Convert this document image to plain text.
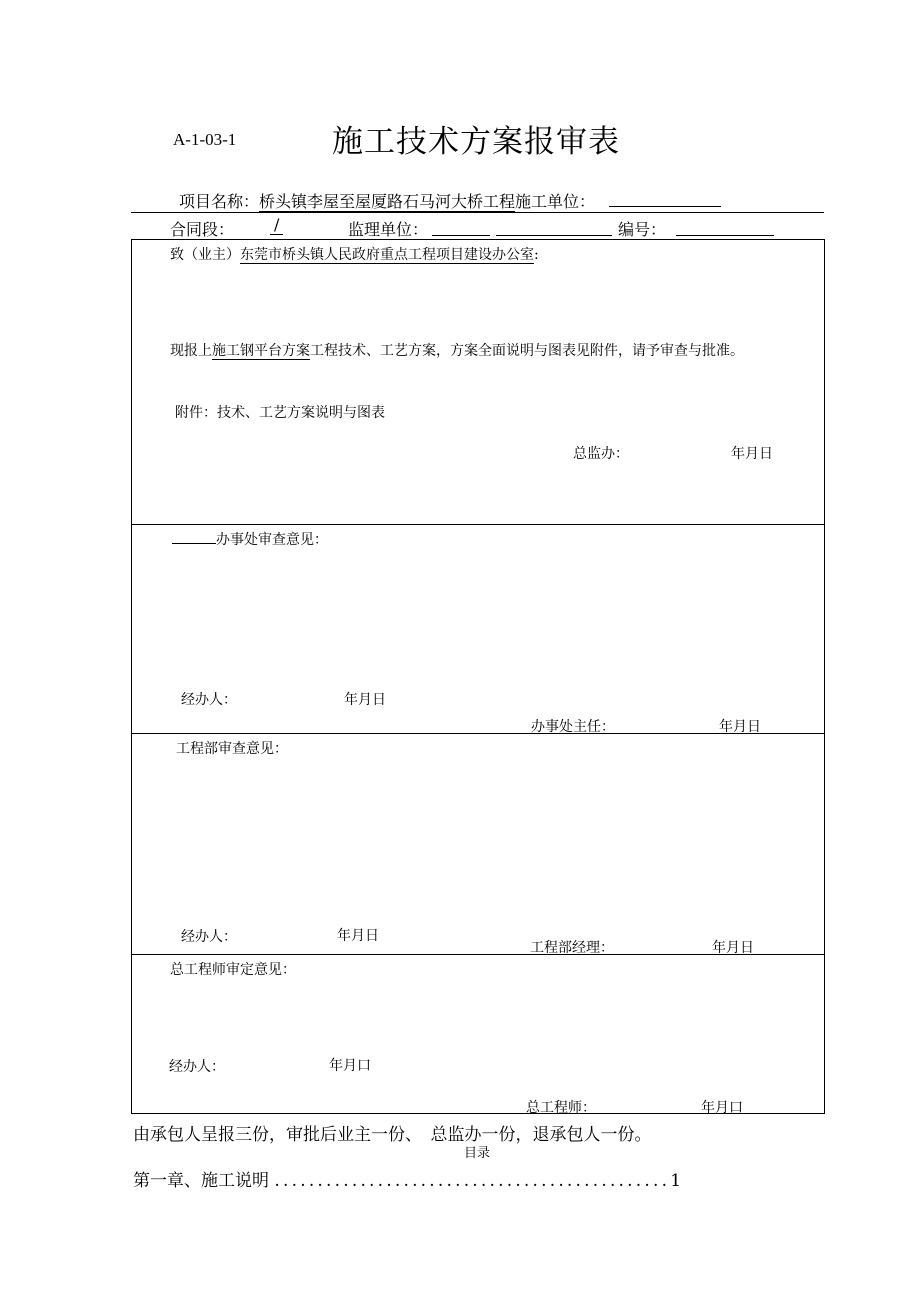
A-1-03-1	施工技术方案报审表
项目名称：桥头镇李屋至屋厦路石马河大桥工程施工单位：
合同段： /	监理单位：	编号：
致（业主）东莞市桥头镇人民政府重点工程项目建设办公室:
现报上施工钢平台方案工程技术、工艺方案，方案全面说明与图表见附件，请予审查与批准。
附件：技术、工艺方案说明与图表
总监办：	年月日
办事处审查意见：
经办人：	年月日
办事处主任：	年月日
工程部审查意见：
经办人：	年月日
工程部经理：	年月日
总工程师审定意见：
经办人：	年月口
总工程师：	年月口
由承包人呈报三份，审批后业主一份、　总监办一份，退承包人一份。
目录
第一章、施工说明 ..............................................1
